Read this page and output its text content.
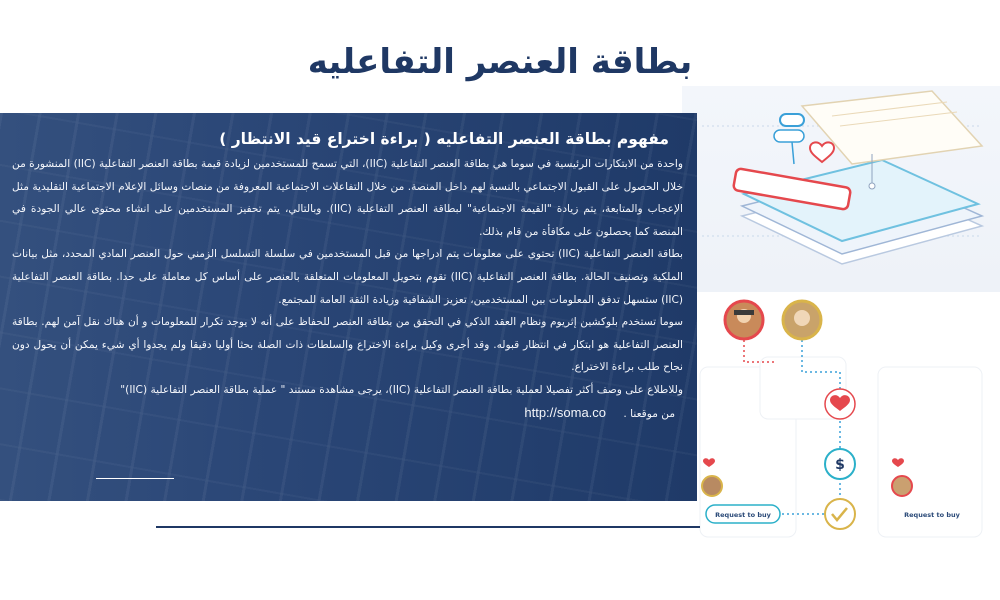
بطاقة العنصر التفاعليه
$
Request to buy	Request to buy
مفهوم بطاقة العنصر التفاعليه ( براءة اختراع قيد الانتظار )

واحدة من الابتكارات الرئيسية في سوما هي بطاقة العنصر التفاعلية (IIC)، التي تسمح للمستخدمين لزيادة قيمة بطاقة العنصر التفاعلية (IIC) المنشورة من خلال الحصول على القبول الاجتماعي بالنسبة لهم داخل المنصة. من خلال التفاعلات الاجتماعية المعروفة من منصات وسائل الإعلام الاجتماعية التقليدية مثل الإعجاب والمتابعة، يتم زيادة "القيمة الاجتماعية" لبطاقة العنصر التفاعلية (IIC). وبالتالي، يتم تحفيز المستخدمين على انشاء محتوى عالي الجودة في المنصة كما يحصلون على مكافأة من قام بذلك.

بطاقة العنصر التفاعلية (IIC) تحتوي على معلومات يتم ادراجها من قبل المستخدمين في سلسلة التسلسل الزمني حول العنصر المادي المحدد، مثل بيانات الملكية وتصنيف الحالة. بطاقة العنصر التفاعلية (IIC) تقوم بتحويل المعلومات المتعلقة بالعنصر على أساس كل معاملة على حدا. بطاقة العنصر التفاعلية (IIC) ستسهل تدفق المعلومات بين المستخدمين، تعزيز الشفافية وزيادة الثقة العامة للمجتمع.

سوما تستخدم بلوكشين إثريوم ونظام العقد الذكي في التحقق من بطاقة العنصر للحفاظ على أنه لا يوجد تكرار للمعلومات و أن هناك نقل آمن لهم. بطاقة العنصر التفاعلية هو ابتكار في انتظار قبوله. وقد أجرى وكيل براءة الاختراع والسلطات ذات الصلة بحثا أوليا دقيقا ولم يجدوا أي شيء يمكن أن يحول دون نجاح طلب براءة الاختراع.

وللاطلاع على وصف أكثر تفصيلا لعملية بطاقة العنصر التفاعلية (IIC)، يرجى مشاهدة مستند " عملية بطاقة العنصر التفاعلية (IIC)"

من موقعنا . http://soma.co
